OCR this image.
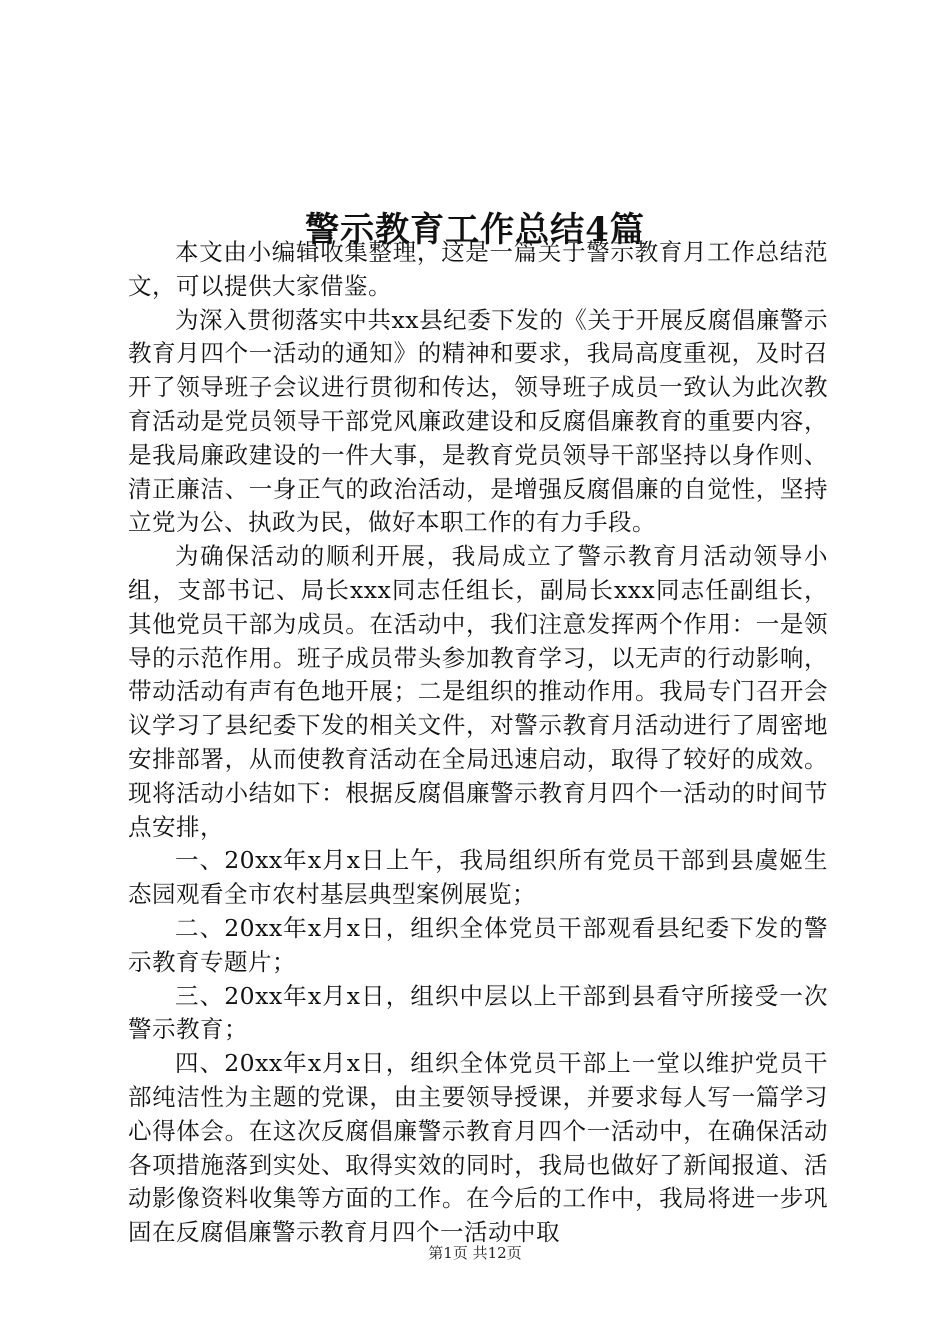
警示教育工作总结4篇

本文由小编辑收集整理，这是一篇关于警示教育月工作总结范文，可以提供大家借鉴。

为深入贯彻落实中共xx县纪委下发的《关于开展反腐倡廉警示教育月四个一活动的通知》的精神和要求，我局高度重视，及时召开了领导班子会议进行贯彻和传达，领导班子成员一致认为此次教育活动是党员领导干部党风廉政建设和反腐倡廉教育的重要内容，是我局廉政建设的一件大事，是教育党员领导干部坚持以身作则、清正廉洁、一身正气的政治活动，是增强反腐倡廉的自觉性，坚持立党为公、执政为民，做好本职工作的有力手段。

为确保活动的顺利开展，我局成立了警示教育月活动领导小组，支部书记、局长xxx同志任组长，副局长xxx同志任副组长，其他党员干部为成员。在活动中，我们注意发挥两个作用：一是领导的示范作用。班子成员带头参加教育学习，以无声的行动影响，带动活动有声有色地开展；二是组织的推动作用。我局专门召开会议学习了县纪委下发的相关文件，对警示教育月活动进行了周密地安排部署，从而使教育活动在全局迅速启动，取得了较好的成效。现将活动小结如下：根据反腐倡廉警示教育月四个一活动的时间节点安排，

一、20xx年x月x日上午，我局组织所有党员干部到县虞姬生态园观看全市农村基层典型案例展览；

二、20xx年x月x日，组织全体党员干部观看县纪委下发的警示教育专题片；

三、20xx年x月x日，组织中层以上干部到县看守所接受一次警示教育；

四、20xx年x月x日，组织全体党员干部上一堂以维护党员干部纯洁性为主题的党课，由主要领导授课，并要求每人写一篇学习心得体会。在这次反腐倡廉警示教育月四个一活动中，在确保活动各项措施落到实处、取得实效的同时，我局也做好了新闻报道、活动影像资料收集等方面的工作。在今后的工作中，我局将进一步巩固在反腐倡廉警示教育月四个一活动中取

第1页 共12页
